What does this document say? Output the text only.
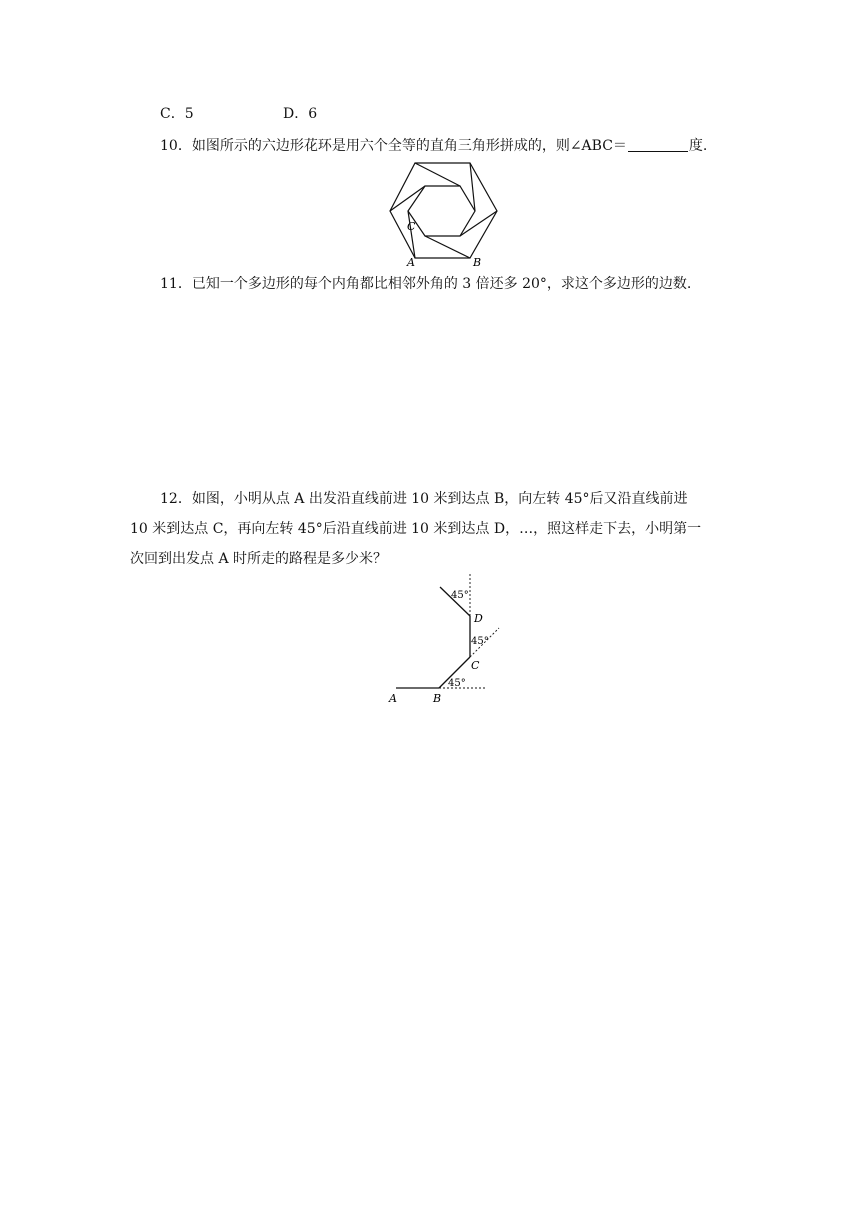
C．5	D．6
10．如图所示的六边形花环是用六个全等的直角三角形拼成的，则∠ABC＝	度.
C
A	B
11．已知一个多边形的每个内角都比相邻外角的 3 倍还多 20°，求这个多边形的边数.
12．如图，小明从点 A 出发沿直线前进 10 米到达点 B，向左转 45°后又沿直线前进
10 米到达点 C，再向左转 45°后沿直线前进 10 米到达点 D，…，照这样走下去，小明第一
次回到出发点 A 时所走的路程是多少米？
45°
45°
45°
D
C
A	B
